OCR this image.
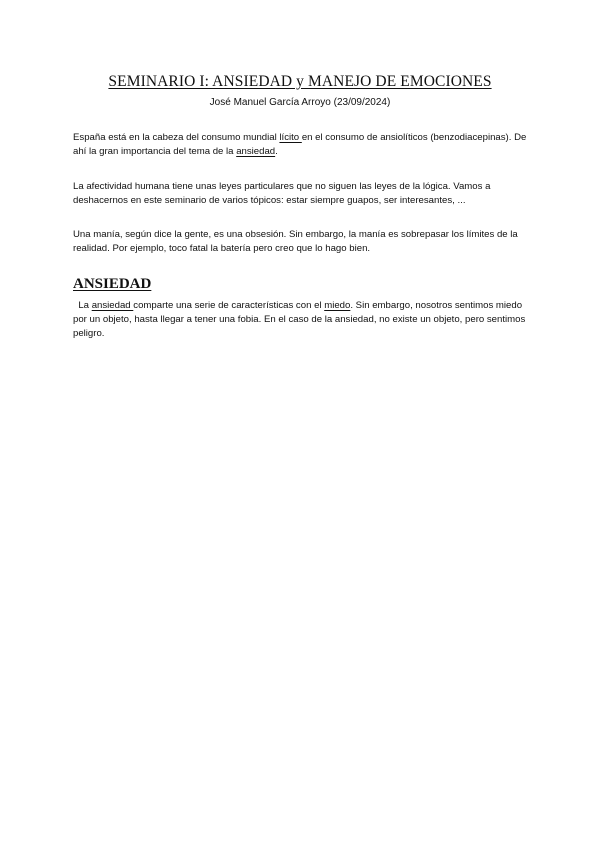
SEMINARIO I: ANSIEDAD y MANEJO DE EMOCIONES
José Manuel García Arroyo (23/09/2024)

España está en la cabeza del consumo mundial lícito en el consumo de ansiolíticos (benzodiacepinas). De ahí la gran importancia del tema de la ansiedad.

La afectividad humana tiene unas leyes particulares que no siguen las leyes de la lógica. Vamos a deshacernos en este seminario de varios tópicos: estar siempre guapos, ser interesantes, ...

Una manía, según dice la gente, es una obsesión. Sin embargo, la manía es sobrepasar los límites de la realidad. Por ejemplo, toco fatal la batería pero creo que lo hago bien.

ANSIEDAD

La ansiedad comparte una serie de características con el miedo. Sin embargo, nosotros sentimos miedo por un objeto, hasta llegar a tener una fobia. En el caso de la ansiedad, no existe un objeto, pero sentimos peligro.
